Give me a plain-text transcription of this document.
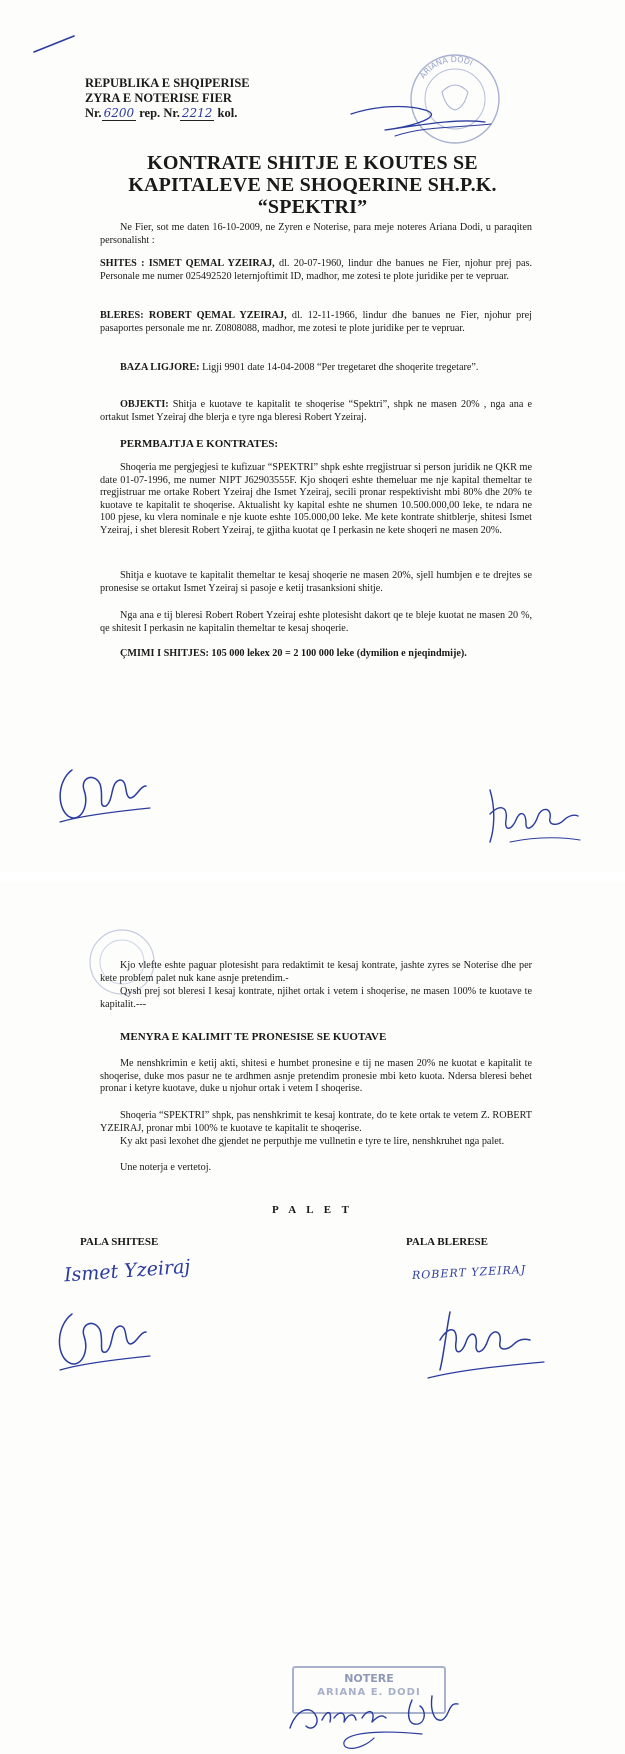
REPUBLIKA E SHQIPERISE
ZYRA E NOTERISE FIER
Nr. 6200 rep. Nr. 2212 kol.
ARIANA DODI
KONTRATE SHITJE E KOUTES SE
KAPITALEVE NE SHOQERINE SH.P.K.
“SPEKTRI”
Ne Fier, sot me daten 16-10-2009, ne Zyren e Noterise, para meje noteres Ariana Dodi, u paraqiten personalisht :
SHITES : ISMET QEMAL YZEIRAJ, dl. 20-07-1960, lindur dhe banues ne Fier, njohur prej pas. Personale me numer 025492520 leternjoftimit ID, madhor, me zotesi te plote juridike per te vepruar.
BLERES: ROBERT QEMAL YZEIRAJ, dl. 12-11-1966, lindur dhe banues ne Fier, njohur prej pasaportes personale me nr. Z0808088, madhor, me zotesi te plote juridike per te vepruar.
BAZA LIGJORE: Ligji 9901 date 14-04-2008 “Per tregetaret dhe shoqerite tregetare”.
OBJEKTI: Shitja e kuotave te kapitalit te shoqerise “Spektri”, shpk ne masen 20% , nga ana e ortakut Ismet Yzeiraj dhe blerja e tyre nga bleresi Robert Yzeiraj.
PERMBAJTJA E KONTRATES:
Shoqeria me pergjegjesi te kufizuar “SPEKTRI” shpk eshte rregjistruar si person juridik ne QKR me date 01-07-1996, me numer NIPT J62903555F. Kjo shoqeri eshte themeluar me nje kapital themeltar te rregjistruar me ortake Robert Yzeiraj dhe Ismet Yzeiraj, secili pronar respektivisht mbi 80% dhe 20% te kuotave te kapitalit te shoqerise. Aktualisht ky kapital eshte ne shumen 10.500.000,00 leke, te ndara ne 100 pjese, ku vlera nominale e nje kuote eshte 105.000,00 leke. Me kete kontrate shitblerje, shitesi Ismet Yzeiraj, i shet bleresit Robert Yzeiraj, te gjitha kuotat qe I perkasin ne kete shoqeri ne masen 20%.
Shitja e kuotave te kapitalit themeltar te kesaj shoqerie ne masen 20%, sjell humbjen e te drejtes se pronesise se ortakut Ismet Yzeiraj si pasoje e ketij trasanksioni shitje.
Nga ana e tij bleresi Robert Robert Yzeiraj eshte plotesisht dakort qe te bleje kuotat ne masen 20 %, qe shitesit I perkasin ne kapitalin themeltar te kesaj shoqerie.
ÇMIMI I SHITJES: 105 000 lekex 20 = 2 100 000 leke (dymilion e njeqindmije).
Kjo vlefte eshte paguar plotesisht para redaktimit te kesaj kontrate, jashte zyres se Noterise dhe per kete problem palet nuk kane asnje pretendim.-
Qysh prej sot bleresi I kesaj kontrate, njihet ortak i vetem i shoqerise, ne masen 100% te kuotave te kapitalit.---
MENYRA E KALIMIT TE PRONESISE SE KUOTAVE
Me nenshkrimin e ketij akti, shitesi e humbet pronesine e tij ne masen 20% ne kuotat e kapitalit te shoqerise, duke mos pasur ne te ardhmen asnje pretendim pronesie mbi keto kuota. Ndersa bleresi behet pronar i ketyre kuotave, duke u njohur ortak i vetem I shoqerise.
Shoqeria “SPEKTRI” shpk, pas nenshkrimit te kesaj kontrate, do te kete ortak te vetem Z. ROBERT YZEIRAJ, pronar mbi 100% te kuotave te kapitalit te shoqerise.
Ky akt pasi lexohet dhe gjendet ne perputhje me vullnetin e tyre te lire, nenshkruhet nga palet.
Une noterja e vertetoj.
P A L E T
PALA SHITESE	PALA BLERESE
Ismet Yzeiraj	ROBERT YZEIRAJ
NOTERE
ARIANA E. DODI
